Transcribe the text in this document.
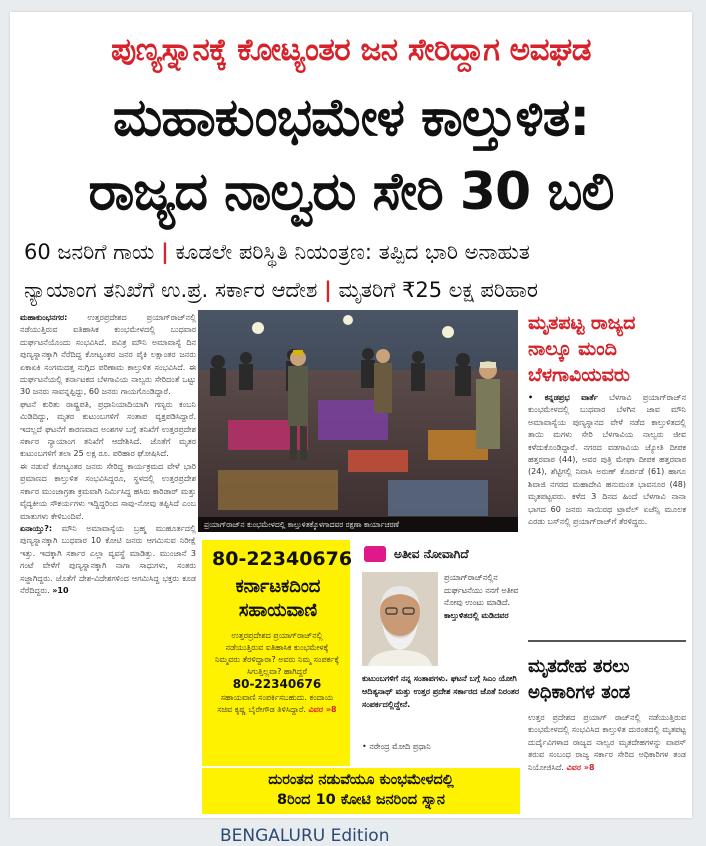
ಪುಣ್ಯಸ್ನಾನಕ್ಕೆ ಕೋಟ್ಯಂತರ ಜನ ಸೇರಿದ್ದಾಗ ಅವಘಡ
ಮಹಾಕುಂಭಮೇಳ ಕಾಲ್ತುಳಿತ:
ರಾಜ್ಯದ ನಾಲ್ವರು ಸೇರಿ 30 ಬಲಿ
60 ಜನರಿಗೆ ಗಾಯ | ಕೂಡಲೇ ಪರಿಸ್ಥಿತಿ ನಿಯಂತ್ರಣ: ತಪ್ಪಿದ ಭಾರಿ ಅನಾಹುತ
ನ್ಯಾಯಾಂಗ ತನಿಖೆಗೆ ಉ.ಪ್ರ. ಸರ್ಕಾರ ಆದೇಶ | ಮೃತರಿಗೆ ₹25 ಲಕ್ಷ ಪರಿಹಾರ
ಮಹಾಕುಂಭನಗರ: ಉತ್ತರಪ್ರದೇಶದ ಪ್ರಯಾಗ್‌ರಾಜ್‌ನಲ್ಲಿ ನಡೆಯುತ್ತಿರುವ ಐತಿಹಾಸಿಕ ಕುಂಭಮೇಳದಲ್ಲಿ ಬುಧವಾರ ದುರ್ಘಟನೆಯೊಂದು ಸಂಭವಿಸಿದೆ. ಪವಿತ್ರ ಮೌನಿ ಅಮಾವಾಸ್ಯೆ ದಿನ ಪುಣ್ಯಸ್ನಾನಕ್ಕಾಗಿ ನೆರೆದಿದ್ದ ಕೋಟ್ಯಂತರ ಜನರ ಪೈಕಿ ಲಕ್ಷಾಂತರ ಜನರು ಏಕಾಏಕಿ ಸಂಗಮದತ್ತ ನುಗ್ಗಿದ ಪರಿಣಾಮ ಕಾಲ್ತುಳಿತ ಸಂಭವಿಸಿದೆ. ಈ ದುರ್ಘಟನೆಯಲ್ಲಿ ಕರ್ನಾಟಕದ ಬೆಳಗಾವಿಯ ನಾಲ್ವರು ಸೇರಿದಂತೆ ಒಟ್ಟು 30 ಜನರು ಸಾವನ್ನಪ್ಪಿದ್ದು, 60 ಜನರು ಗಾಯಗೊಂಡಿದ್ದಾರೆ.
ಘಟನೆ ಕುರಿತು ರಾಷ್ಟ್ರಪತಿ, ಪ್ರಧಾನಿಯಾದಿಯಾಗಿ ಗಣ್ಯರು ಕಂಬನಿ ಮಿಡಿದಿದ್ದು, ಮೃತರ ಕುಟುಂಬಗಳಿಗೆ ಸಂತಾಪ ವ್ಯಕ್ತಪಡಿಸಿದ್ದಾರೆ. ಇದಲ್ಲದೆ ಘಟನೆಗೆ ಕಾರಣವಾದ ಅಂಶಗಳ ಬಗ್ಗೆ ತನಿಖೆಗೆ ಉತ್ತರಪ್ರದೇಶ ಸರ್ಕಾರ ನ್ಯಾಯಾಂಗ ತನಿಖೆಗೆ ಆದೇಶಿಸಿದೆ. ಜೊತೆಗೆ ಮೃತರ ಕುಟುಂಬಗಳಿಗೆ ತಲಾ 25 ಲಕ್ಷ ರೂ. ಪರಿಹಾರ ಘೋಷಿಸಿದೆ.
ಈ ನಡುವೆ ಕೋಟ್ಯಂತರ ಜನರು ಸೇರಿದ್ದ ಕಾರ್ಯಕ್ರಮದ ವೇಳೆ ಭಾರಿ ಪ್ರಮಾಣದ ಕಾಲ್ತುಳಿತ ಸಂಭವಿಸಿದ್ದರೂ, ಸ್ಥಳದಲ್ಲಿ ಉತ್ತರಪ್ರದೇಶ ಸರ್ಕಾರ ಮುಂಜಾಗ್ರತಾ ಕ್ರಮವಾಗಿ ನಿರ್ಮಿಸಿದ್ದ ಹಸಿರು ಕಾರಿಡಾರ್ ಮತ್ತು ವೈದ್ಯಕೀಯ ಸೌಕರ್ಯಗಳು ಇದ್ದಿದ್ದರಿಂದ ಸಾವು-ನೋವು ತಪ್ಪಿಸಿದೆ ಎಂಬ ಮಾತುಗಳು ಕೇಳಿಬಂದಿವೆ.
ಏನಾಯ್ತು?: ಮೌನಿ ಅಮಾವಾಸ್ಯೆಯ ಬ್ರಹ್ಮ ಮುಹೂರ್ತದಲ್ಲಿ ಪುಣ್ಯಸ್ನಾನಕ್ಕಾಗಿ ಬುಧವಾರ 10 ಕೋಟಿ ಜನರು ಆಗಮಿಸುವ ನಿರೀಕ್ಷೆ ಇತ್ತು. ಇದಕ್ಕಾಗಿ ಸರ್ಕಾರ ಎಲ್ಲಾ ವ್ಯವಸ್ಥೆ ಮಾಡಿತ್ತು. ಮುಂಜಾನೆ 3 ಗಂಟೆ ವೇಳೆಗೆ ಪುಣ್ಯಸ್ನಾನಕ್ಕಾಗಿ ನಾಗಾ ಸಾಧುಗಳು, ಸಂತರು ಸಜ್ಜಾಗಿದ್ದರು. ಜೊತೆಗೆ ದೇಶ-ವಿದೇಶಗಳಿಂದ ಆಗಮಿಸಿದ್ದ ಭಕ್ತರು ಕೂಡ ನೆರೆದಿದ್ದರು. »10
ಪ್ರಯಾಗ್‌ರಾಜ್‌ನ ಕುಂಭಮೇಳದಲ್ಲಿ ಕಾಲ್ತುಳಿತಕ್ಕೊಳಗಾದವರ ರಕ್ಷಣಾ ಕಾರ್ಯಾಚರಣೆ
80-22340676
ಕರ್ನಾಟಕದಿಂದ
ಸಹಾಯವಾಣಿ
ಉತ್ತರಪ್ರದೇಶದ ಪ್ರಯಾಗ್‌ರಾಜ್‌ನಲ್ಲಿ ನಡೆಯುತ್ತಿರುವ ಐತಿಹಾಸಿಕ ಕುಂಭಮೇಳಕ್ಕೆ ನಿಮ್ಮವರು ತೆರಳಿದ್ದಾರಾ? ಅವರು ನಿಮ್ಮ ಸಂಪರ್ಕಕ್ಕೆ ಸಿಗುತ್ತಿಲ್ಲವಾ? ಹಾಗಿದ್ದರೆ
80-22340676
ಸಹಾಯವಾಣಿ ಸಂಪರ್ಕಿಸಬಹುದು. ಕಂದಾಯ ಸಚಿವ ಕೃಷ್ಣ ಬೈರೇಗೌಡ ತಿಳಿಸಿದ್ದಾರೆ. ವಿವರ »8
ಅತೀವ ನೋವಾಗಿದೆ
ಪ್ರಯಾಗ್‌ರಾಜ್‌ನಲ್ಲಿನ ದುರ್ಘಟನೆಯು ನನಗೆ ಅತೀವ ನೋವು ಉಂಟು ಮಾಡಿದೆ. ಕಾಲ್ತುಳಿತದಲ್ಲಿ ಮಡಿದವರ
ಕುಟುಂಬಗಳಿಗೆ ನನ್ನ ಸಂತಾಪಗಳು. ಘಟನೆ ಬಗ್ಗೆ ಸಿಎಂ ಯೋಗಿ ಆದಿತ್ಯನಾಥ್ ಮತ್ತು ಉತ್ತರ ಪ್ರದೇಶ ಸರ್ಕಾರದ ಜೊತೆ ನಿರಂತರ ಸಂಪರ್ಕದಲ್ಲಿದ್ದೇನೆ.
• ನರೇಂದ್ರ ಮೋದಿ ಪ್ರಧಾನಿ
ದುರಂತದ ನಡುವೆಯೂ ಕುಂಭಮೇಳದಲ್ಲಿ
8ರಿಂದ 10 ಕೋಟಿ ಜನರಿಂದ ಸ್ನಾನ
ಮೃತಪಟ್ಟ ರಾಜ್ಯದ
ನಾಲ್ಕೂ ಮಂದಿ
ಬೆಳಗಾವಿಯವರು
• ಕನ್ನಡಪ್ರಭ ವಾರ್ತೆ ಬೆಳಗಾವಿ ಪ್ರಯಾಗ್‌ರಾಜ್‌ನ ಕುಂಭಮೇಳದಲ್ಲಿ ಬುಧವಾರ ಬೆಳಗಿನ ಜಾವ ಮೌನಿ ಅಮಾವಾಸ್ಯೆಯ ಪುಣ್ಯಸ್ನಾನದ ವೇಳೆ ನಡೆದ ಕಾಲ್ತುಳಿತದಲ್ಲಿ ತಾಯಿ ಮಗಳು ಸೇರಿ ಬೆಳಗಾವಿಯ ನಾಲ್ವರು ಜೀವ ಕಳೆದುಕೊಂಡಿದ್ದಾರೆ. ನಗರದ ವಡಗಾವಿಯ ಜ್ಯೋತಿ ದೀಪಕ ಹತ್ತರವಾಠ (44), ಅವರ ಪುತ್ರಿ ಮೇಘಾ ದೀಪಕ ಹತ್ತರವಾಠ (24), ಶೆಟ್ಟಿಗಲ್ಲಿ ನಿವಾಸಿ ಅರುಣ್ ಕೊರ್ಪಡೆ (61) ಹಾಗೂ ಶಿವಾಜಿ ನಗರದ ಮಹಾದೇವಿ ಹನುಮಂತ ಭಾವನೂರ (48) ಮೃತಪಟ್ಟವರು. ಕಳೆದ 3 ದಿನದ ಹಿಂದೆ ಬೆಳಗಾವಿ ನಾನಾ ಭಾಗದ 60 ಜನರು ಸಾಯಿರಥ ಟ್ರಾವೆಲ್ ಏಜೆನ್ಸಿ ಮೂಲಕ ಎರಡು ಬಸ್‌ನಲ್ಲಿ ಪ್ರಯಾಗ್‌ರಾಜ್‌ಗೆ ತೆರಳಿದ್ದರು.
ಮೃತದೇಹ ತರಲು
ಅಧಿಕಾರಿಗಳ ತಂಡ
ಉತ್ತರ ಪ್ರದೇಶದ ಪ್ರಯಾಗ್ ರಾಜ್‌ನಲ್ಲಿ ನಡೆಯುತ್ತಿರುವ ಕುಂಭಮೇಳದಲ್ಲಿ ಸಂಭವಿಸಿದ ಕಾಲ್ತುಳಿತ ದುರಂತದಲ್ಲಿ ಮೃತಪಟ್ಟ ದುರ್ದೈವಿಗಳಾದ ರಾಜ್ಯದ ನಾಲ್ವರ ಮೃತದೇಹಗಳನ್ನು ವಾಪಸ್ ತರುವ ಸಂಬಂಧ ರಾಜ್ಯ ಸರ್ಕಾರ ಸೇರಿದ ಅಧಿಕಾರಿಗಳ ತಂಡ ನಿಯೋಜಿಸಿದೆ. ವಿವರ »8
BENGALURU Edition
